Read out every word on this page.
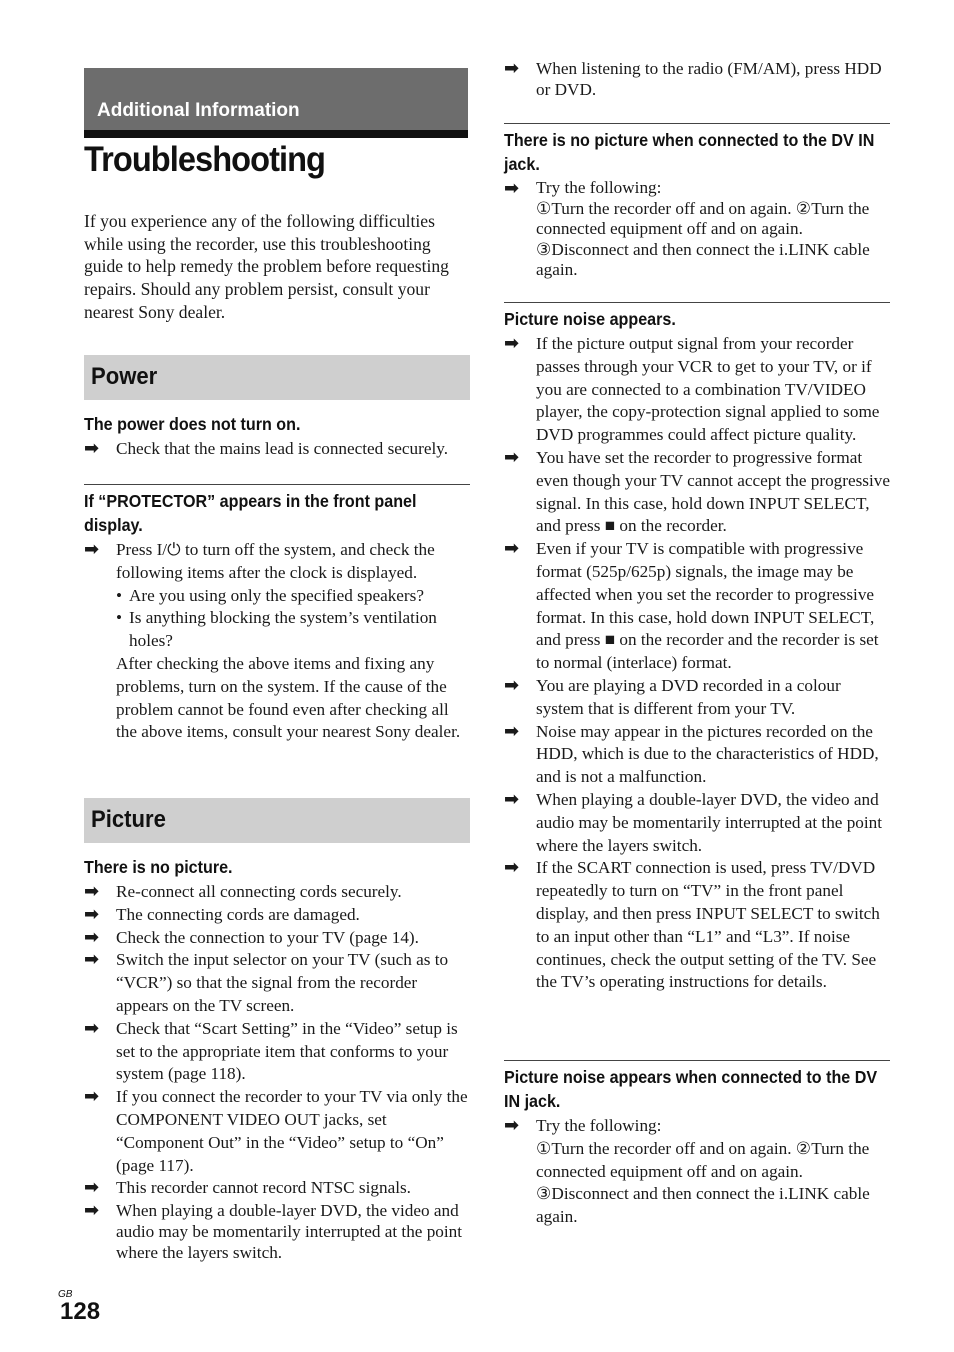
Additional Information
Troubleshooting

If you experience any of the following difficulties while using the recorder, use this troubleshooting guide to help remedy the problem before requesting repairs. Should any problem persist, consult your nearest Sony dealer.

Power
The power does not turn on.
➡ Check that the mains lead is connected securely.
If “PROTECTOR” appears in the front panel display.
➡ Press I/⏻ to turn off the system, and check the following items after the clock is displayed.
• Are you using only the specified speakers?
• Is anything blocking the system’s ventilation holes?
After checking the above items and fixing any problems, turn on the system. If the cause of the problem cannot be found even after checking all the above items, consult your nearest Sony dealer.
Picture
There is no picture.
➡ Re-connect all connecting cords securely.
➡ The connecting cords are damaged.
➡ Check the connection to your TV (page 14).
➡ Switch the input selector on your TV (such as to “VCR”) so that the signal from the recorder appears on the TV screen.
➡ Check that “Scart Setting” in the “Video” setup is set to the appropriate item that conforms to your system (page 118).
➡ If you connect the recorder to your TV via only the COMPONENT VIDEO OUT jacks, set “Component Out” in the “Video” setup to “On” (page 117).
➡ This recorder cannot record NTSC signals.
➡ When playing a double-layer DVD, the video and audio may be momentarily interrupted at the point where the layers switch.
➡ When listening to the radio (FM/AM), press HDD or DVD.
There is no picture when connected to the DV IN jack.
➡ Try the following:
①Turn the recorder off and on again. ②Turn the connected equipment off and on again. ③Disconnect and then connect the i.LINK cable again.
Picture noise appears.
➡ If the picture output signal from your recorder passes through your VCR to get to your TV, or if you are connected to a combination TV/VIDEO player, the copy-protection signal applied to some DVD programmes could affect picture quality.
➡ You have set the recorder to progressive format even though your TV cannot accept the progressive signal. In this case, hold down INPUT SELECT, and press ■ on the recorder.
➡ Even if your TV is compatible with progressive format (525p/625p) signals, the image may be affected when you set the recorder to progressive format. In this case, hold down INPUT SELECT, and press ■ on the recorder and the recorder is set to normal (interlace) format.
➡ You are playing a DVD recorded in a colour system that is different from your TV.
➡ Noise may appear in the pictures recorded on the HDD, which is due to the characteristics of HDD, and is not a malfunction.
➡ When playing a double-layer DVD, the video and audio may be momentarily interrupted at the point where the layers switch.
➡ If the SCART connection is used, press TV/DVD repeatedly to turn on “TV” in the front panel display, and then press INPUT SELECT to switch to an input other than “L1” and “L3”. If noise continues, check the output setting of the TV. See the TV’s operating instructions for details.
Picture noise appears when connected to the DV IN jack.
➡ Try the following:
①Turn the recorder off and on again. ②Turn the connected equipment off and on again. ③Disconnect and then connect the i.LINK cable again.
GB
128
